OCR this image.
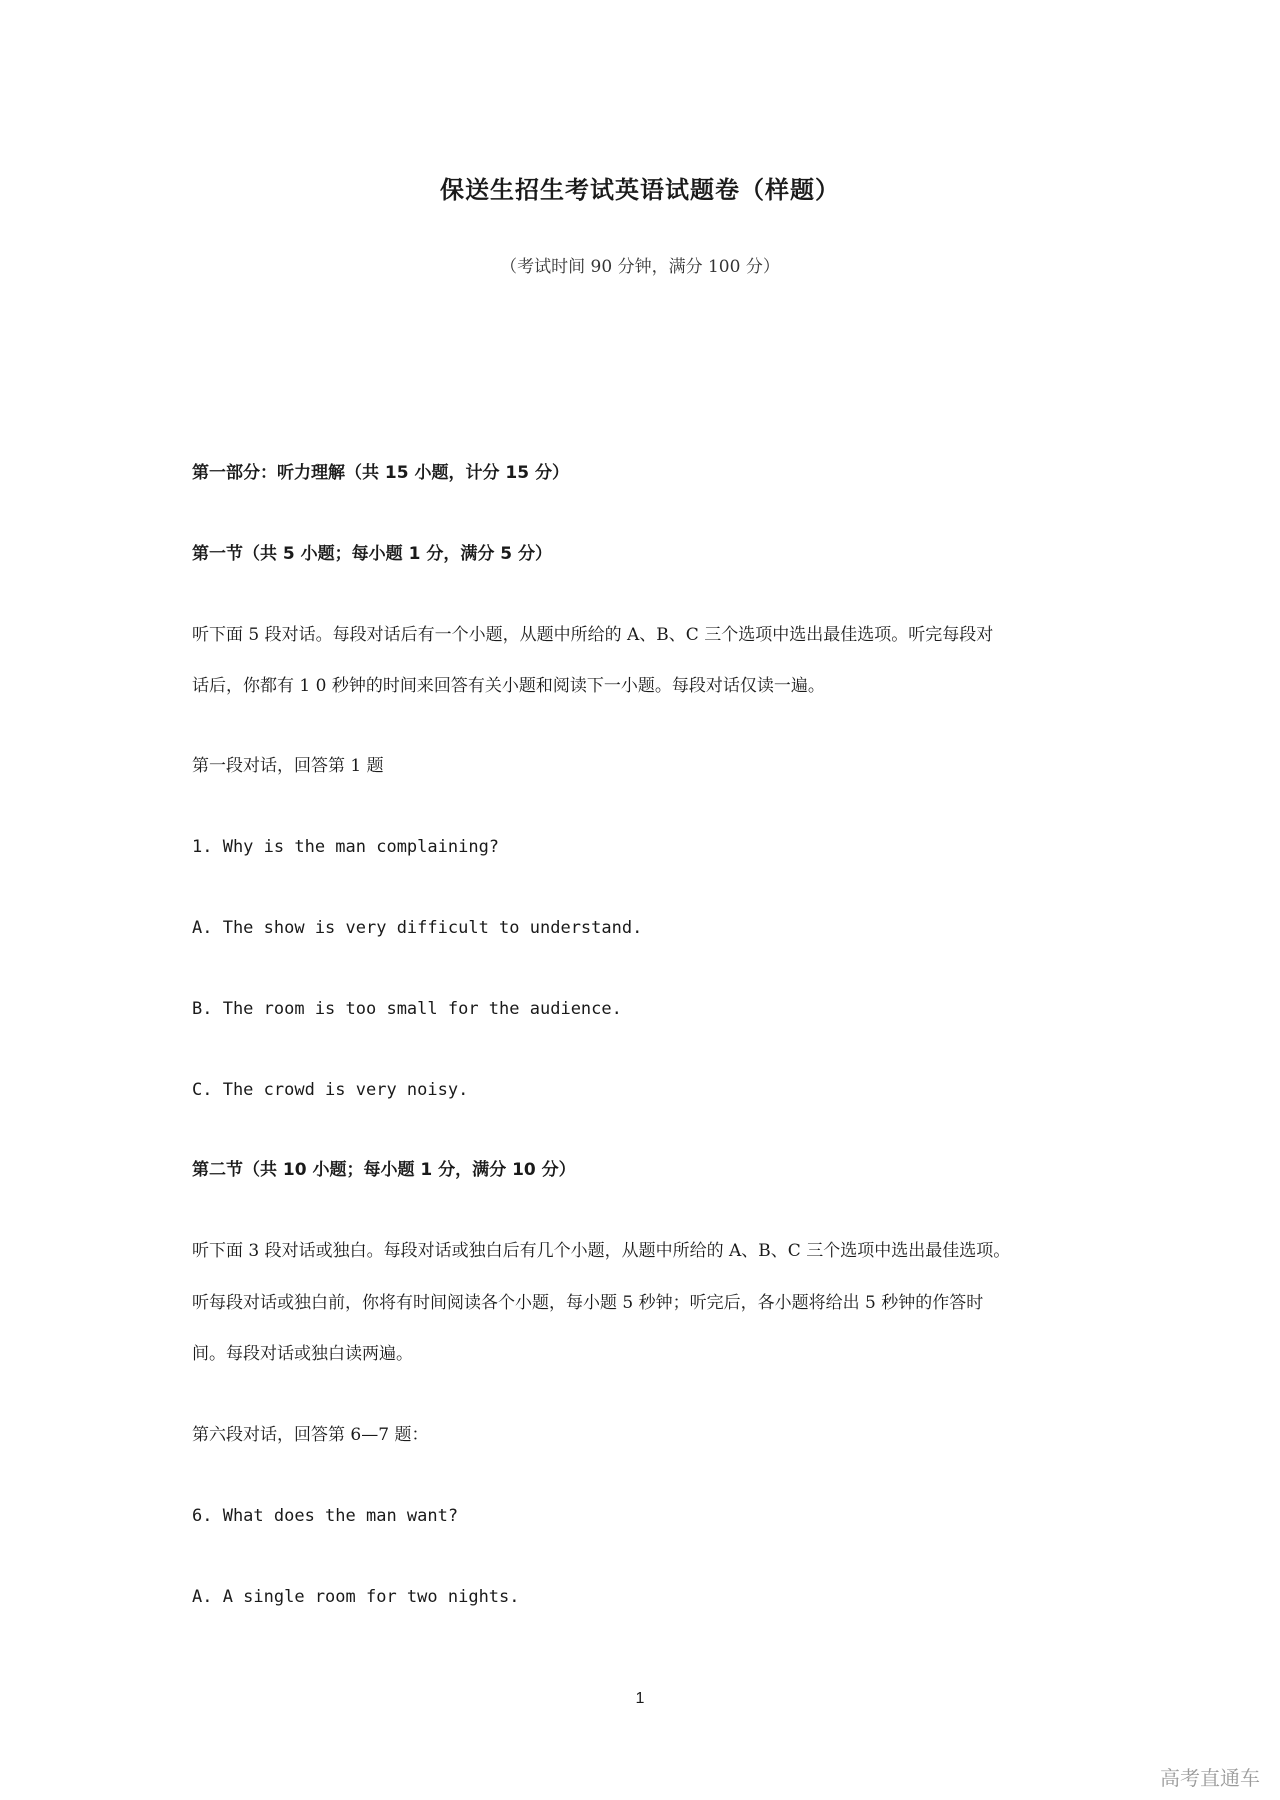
保送生招生考试英语试题卷（样题）
（考试时间 90 分钟，满分 100 分）
第一部分：听力理解（共 15 小题，计分 15 分）
第一节（共 5 小题；每小题 1 分，满分 5 分）
听下面 5 段对话。每段对话后有一个小题，从题中所给的 A、B、C 三个选项中选出最佳选项。听完每段对
话后，你都有 1 0 秒钟的时间来回答有关小题和阅读下一小题。每段对话仅读一遍。
第一段对话，回答第 1 题
1. Why is the man complaining?
A. The show is very difficult to understand.
B. The room is too small for the audience.
C. The crowd is very noisy.
第二节（共 10 小题；每小题 1 分，满分 10 分）
听下面 3 段对话或独白。每段对话或独白后有几个小题，从题中所给的 A、B、C 三个选项中选出最佳选项。
听每段对话或独白前，你将有时间阅读各个小题，每小题 5 秒钟；听完后，各小题将给出 5 秒钟的作答时
间。每段对话或独白读两遍。
第六段对话，回答第 6—7 题：
6. What does the man want?
A. A single room for two nights.
1
高考直通车
